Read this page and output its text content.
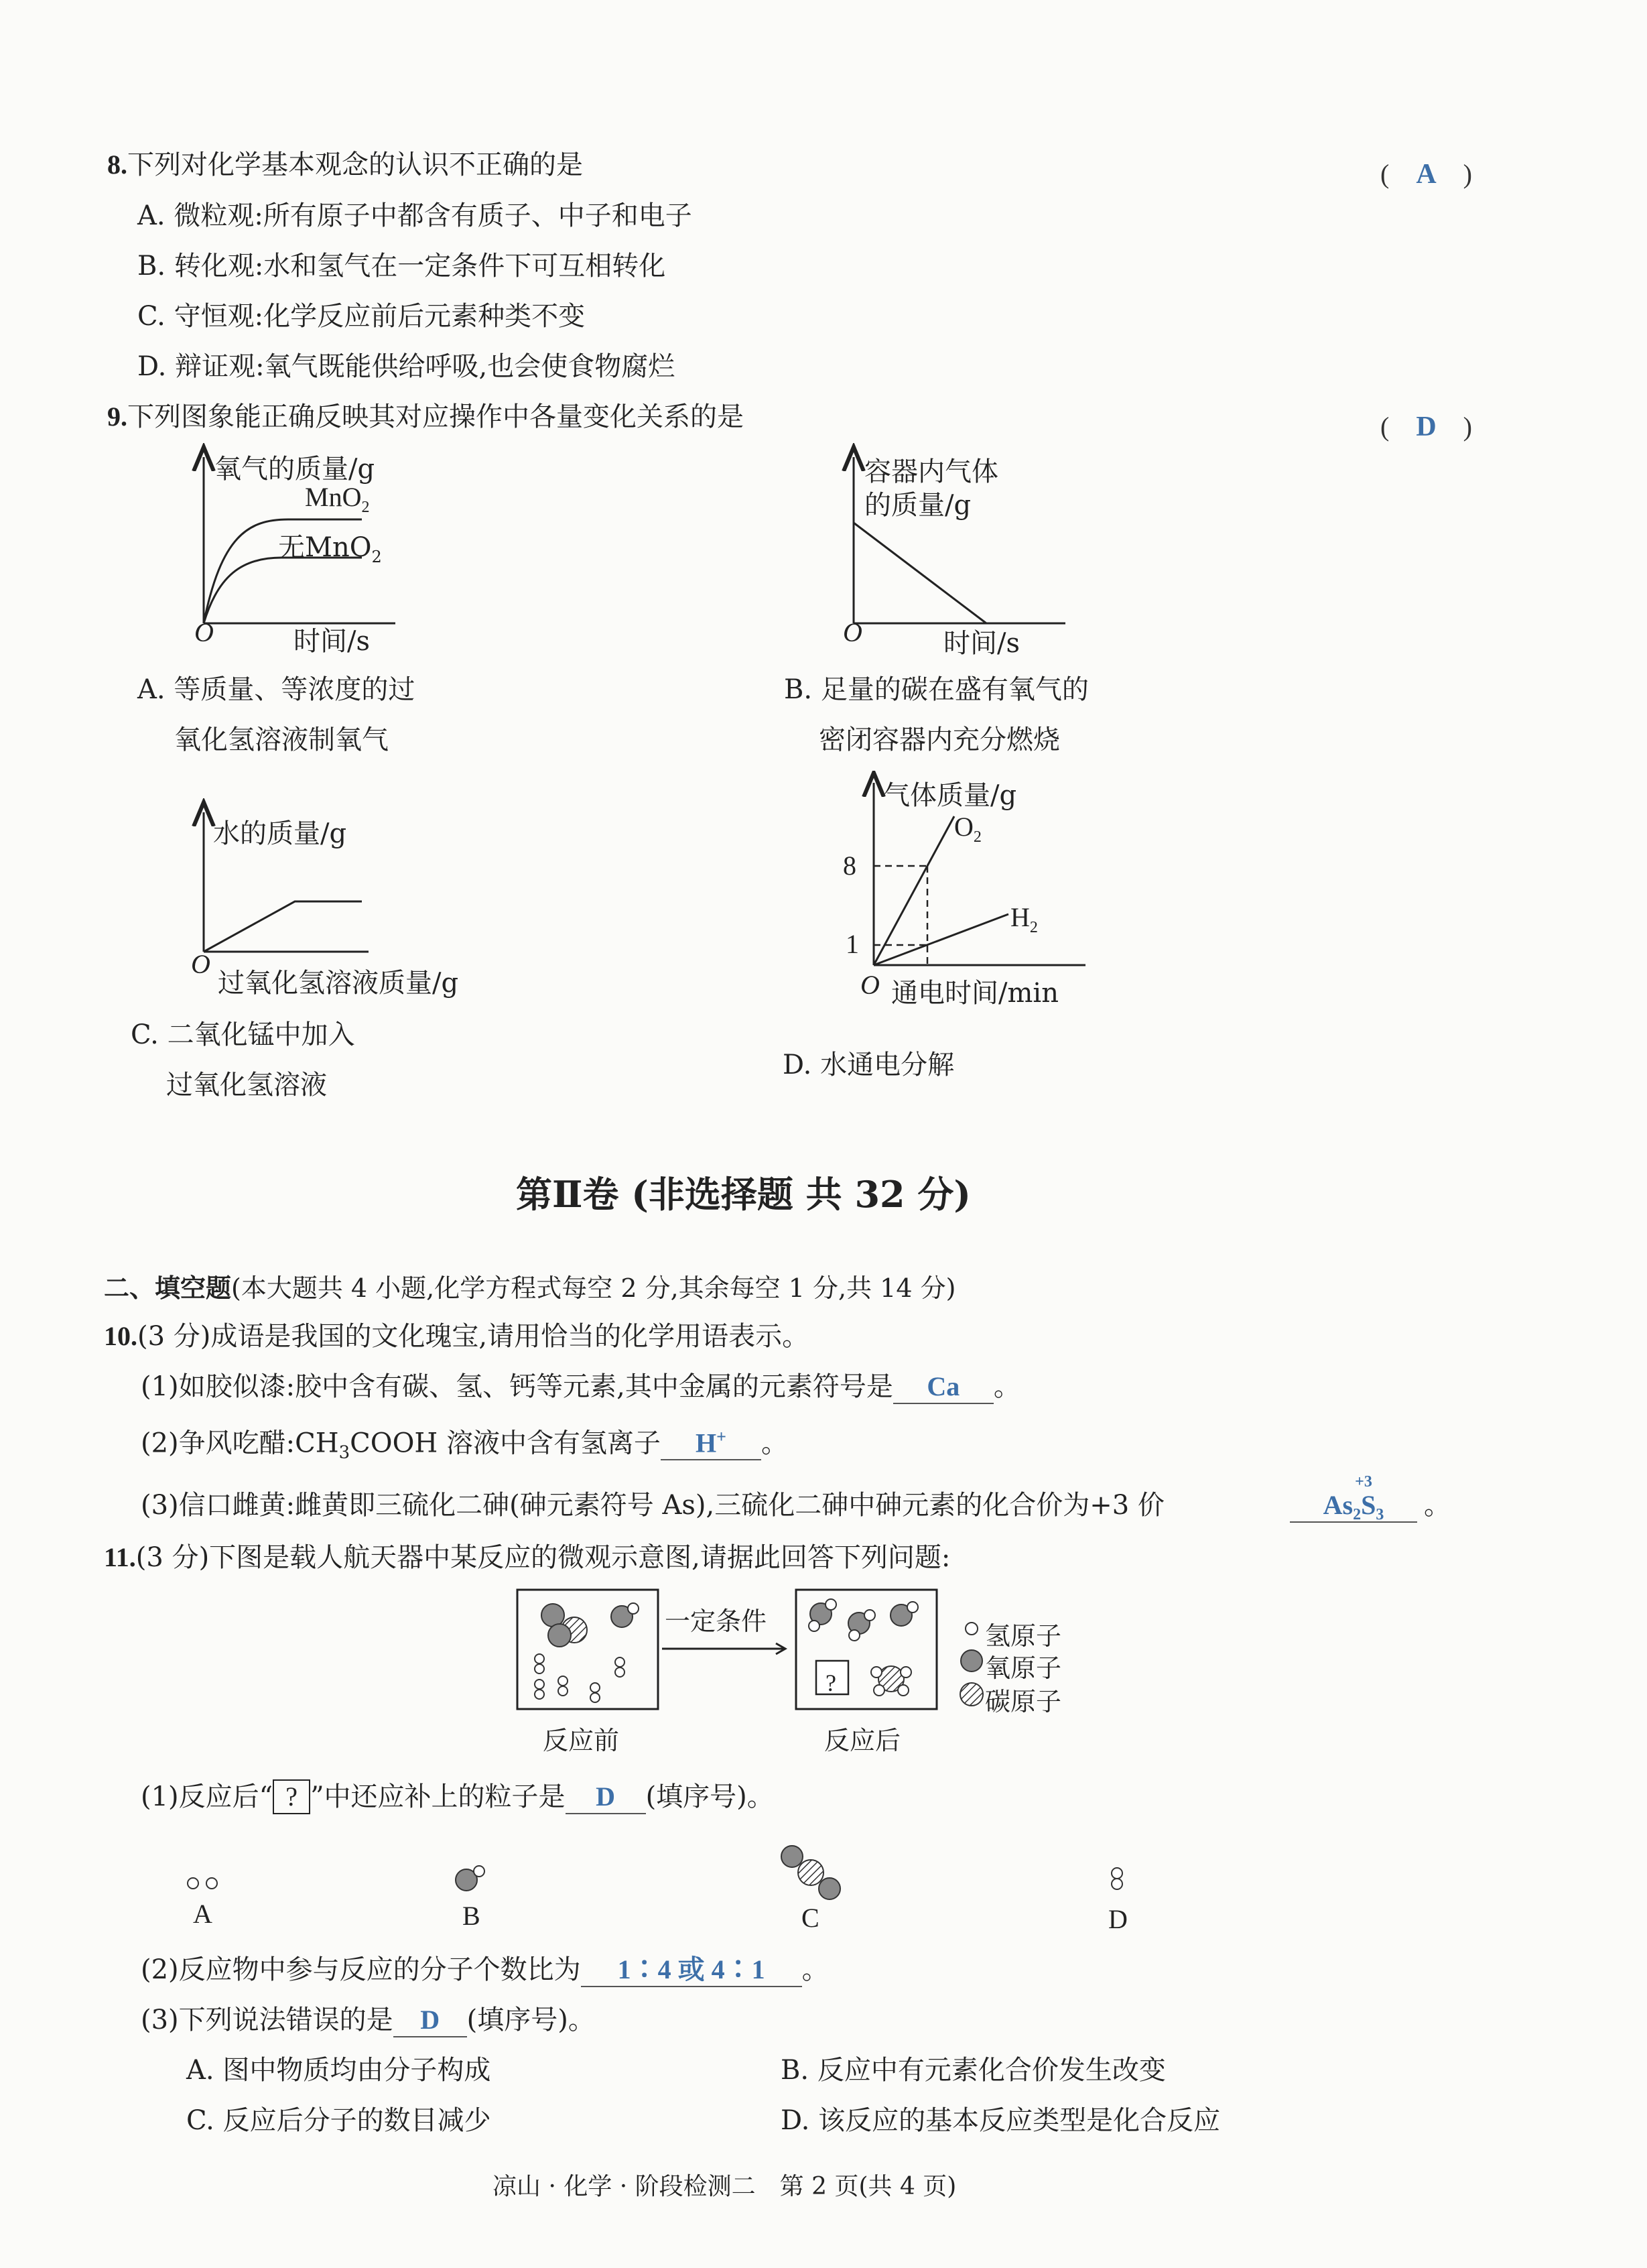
8.下列对化学基本观念的认识不正确的是	(　A　)
A. 微粒观:所有原子中都含有质子、中子和电子
B. 转化观:水和氢气在一定条件下可互相转化
C. 守恒观:化学反应前后元素种类不变
D. 辩证观:氧气既能供给呼吸,也会使食物腐烂
9.下列图象能正确反映其对应操作中各量变化关系的是	(　D　)
氧气的质量/g
MnO$_2$
无MnO$_2$
O	时间/s
A. 等质量、等浓度的过
氧化氢溶液制氧气
容器内气体
的质量/g
O	时间/s
B. 足量的碳在盛有氧气的
密闭容器内充分燃烧
水的质量/g
O
过氧化氢溶液质量/g
C. 二氧化锰中加入
过氧化氢溶液
气体质量/g
$O_2$
$H_2$
8
1
O 通电时间/min
D. 水通电分解
第Ⅱ卷 (非选择题 共 32 分)
二、填空题(本大题共 4 小题,化学方程式每空 2 分,其余每空 1 分,共 14 分)
10.(3 分)成语是我国的文化瑰宝,请用恰当的化学用语表示。
(1)如胶似漆:胶中含有碳、氢、钙等元素,其中金属的元素符号是 Ca 。
(2)争风吃醋$:CH_3COOH$ 溶液中含有氢离子 H+ 。
(3)信口雌黄:雌黄即三硫化二砷(砷元素符号 As),三硫化二砷中砷元素的化合价为+3 价
+3
As₂S₃	。
11.(3 分)下图是载人航天器中某反应的微观示意图,请据此回答下列问题:
一定条件
?
氢原子
氧原子
碳原子
反应前	反应后
(1)反应后“ ? ”中还应补上的粒子是 D (填序号)。
A	B	C	D
(2)反应物中参与反应的分子个数比为 1∶4 或 4∶1 。
(3)下列说法错误的是 D (填序号)。
A. 图中物质均由分子构成	B. 反应中有元素化合价发生改变
C. 反应后分子的数目减少	D. 该反应的基本反应类型是化合反应
凉山 · 化学 · 阶段检测二　第 2 页(共 4 页)
